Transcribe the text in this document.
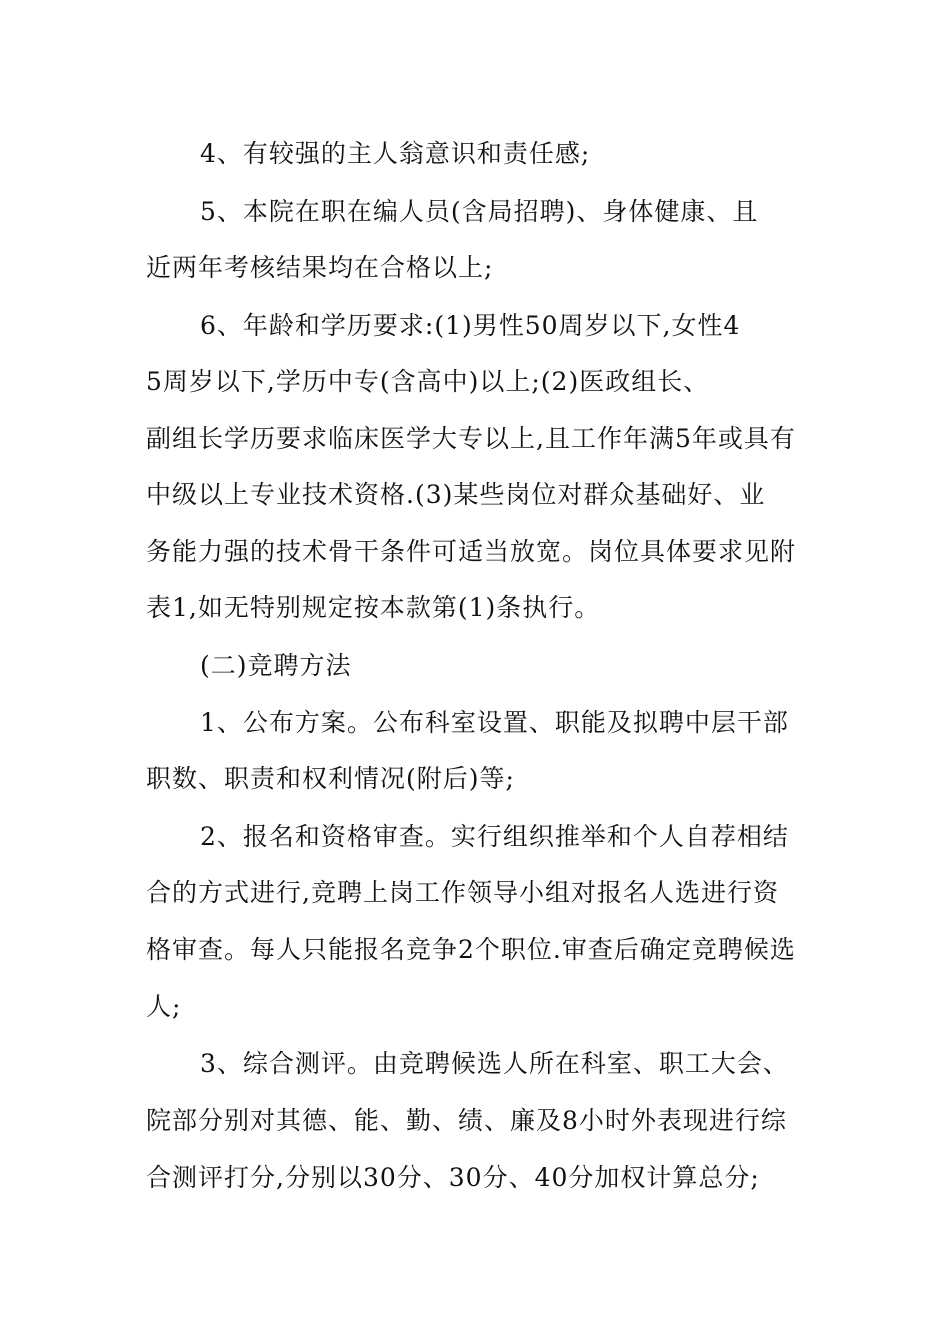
4、有较强的主人翁意识和责任感;
5、本院在职在编人员(含局招聘)、身体健康、且
近两年考核结果均在合格以上;
6、年龄和学历要求:(1)男性50周岁以下,女性4
5周岁以下,学历中专(含高中)以上;(2)医政组长、
副组长学历要求临床医学大专以上,且工作年满5年或具有
中级以上专业技术资格.(3)某些岗位对群众基础好、业
务能力强的技术骨干条件可适当放宽。岗位具体要求见附
表1,如无特别规定按本款第(1)条执行。
(二)竞聘方法
1、公布方案。公布科室设置、职能及拟聘中层干部
职数、职责和权利情况(附后)等;
2、报名和资格审查。实行组织推举和个人自荐相结
合的方式进行,竞聘上岗工作领导小组对报名人选进行资
格审查。每人只能报名竞争2个职位.审查后确定竞聘候选
人;
3、综合测评。由竞聘候选人所在科室、职工大会、
院部分别对其德、能、勤、绩、廉及8小时外表现进行综
合测评打分,分别以30分、30分、40分加权计算总分;
